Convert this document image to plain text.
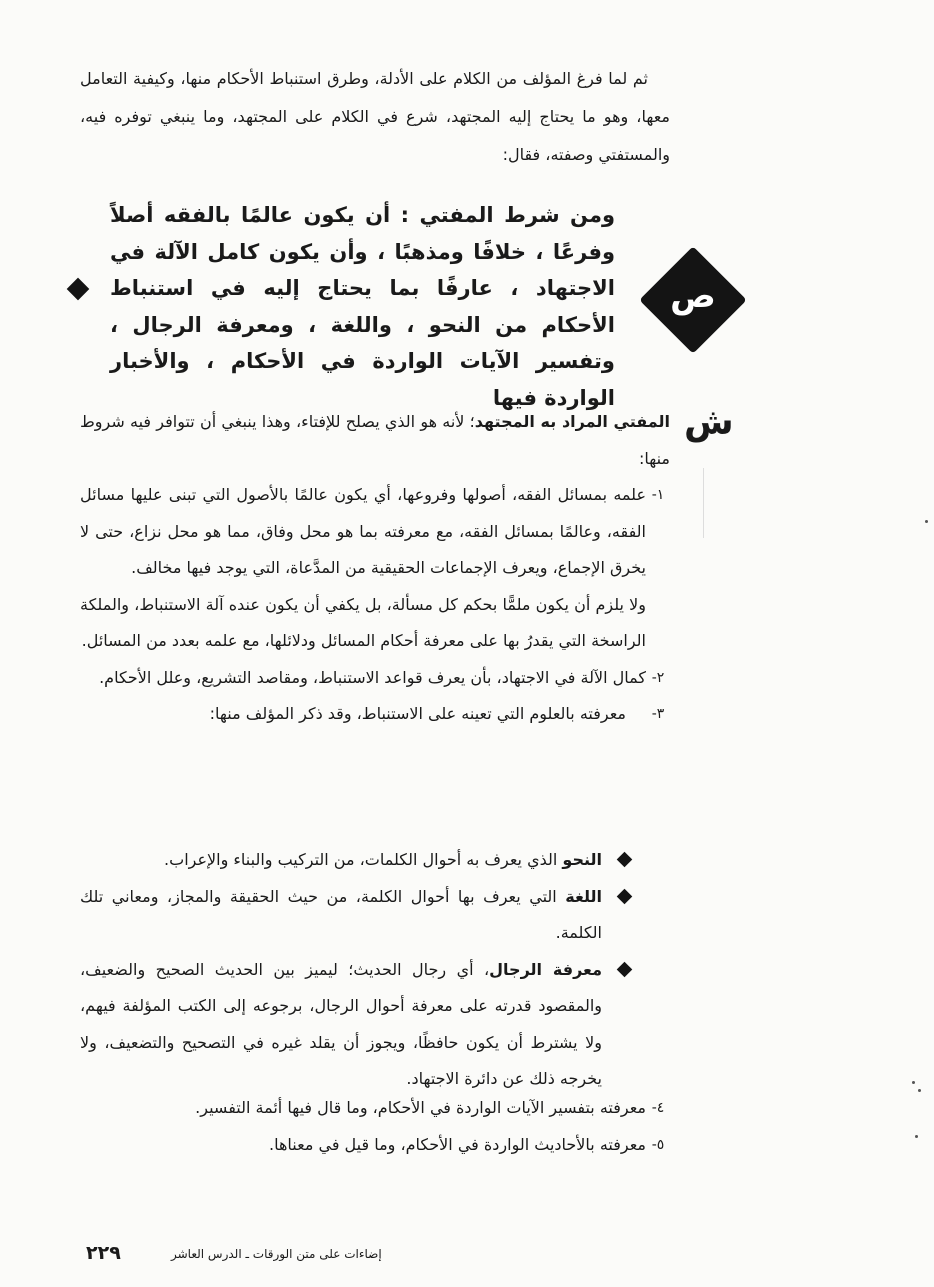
ثم لما فرغ المؤلف من الكلام على الأدلة، وطرق استنباط الأحكام منها، وكيفية التعامل معها، وهو ما يحتاج إليه المجتهد، شرع في الكلام على المجتهد، وما ينبغي توفره فيه، والمستفتي وصفته، فقال:

ص

ومن شرط المفتي : أن يكون عالمًا بالفقه أصلاً وفرعًا ، خلافًا ومذهبًا ، وأن يكون كامل الآلة في الاجتهاد ، عارفًا بما يحتاج إليه في استنباط الأحكام من النحو ، واللغة ، ومعرفة الرجال ، وتفسير الآيات الواردة في الأحكام ، والأخبار الواردة فيها

ش

المفتي المراد به المجتهد؛ لأنه هو الذي يصلح للإفتاء، وهذا ينبغي أن تتوافر فيه شروط منها:

١-

علمه بمسائل الفقه، أصولها وفروعها، أي يكون عالمًا بالأصول التي تبنى عليها مسائل الفقه، وعالمًا بمسائل الفقه، مع معرفته بما هو محل وفاق، مما هو محل نزاع، حتى لا يخرق الإجماع، ويعرف الإجماعات الحقيقية من المدَّعاة، التي يوجد فيها مخالف.

ولا يلزم أن يكون ملمًّا بحكم كل مسألة، بل يكفي أن يكون عنده آلة الاستنباط، والملكة الراسخة التي يقدرُ بها على معرفة أحكام المسائل ودلائلها، مع علمه بعدد من المسائل.

٢-

كمال الآلة في الاجتهاد، بأن يعرف قواعد الاستنباط، ومقاصد التشريع، وعلل الأحكام.

٣-

معرفته بالعلوم التي تعينه على الاستنباط، وقد ذكر المؤلف منها:

النحو الذي يعرف به أحوال الكلمات، من التركيب والبناء والإعراب.

اللغة التي يعرف بها أحوال الكلمة، من حيث الحقيقة والمجاز، ومعاني تلك الكلمة.

معرفة الرجال، أي رجال الحديث؛ ليميز بين الحديث الصحيح والضعيف، والمقصود قدرته على معرفة أحوال الرجال، برجوعه إلى الكتب المؤلفة فيهم، ولا يشترط أن يكون حافظًا، ويجوز أن يقلد غيره في التصحيح والتضعيف، ولا يخرجه ذلك عن دائرة الاجتهاد.

٤-

معرفته بتفسير الآيات الواردة في الأحكام، وما قال فيها أئمة التفسير.

٥-

معرفته بالأحاديث الواردة في الأحكام، وما قيل في معناها.

٢٢٩	إضاءات على متن الورقات ـ الدرس العاشر
